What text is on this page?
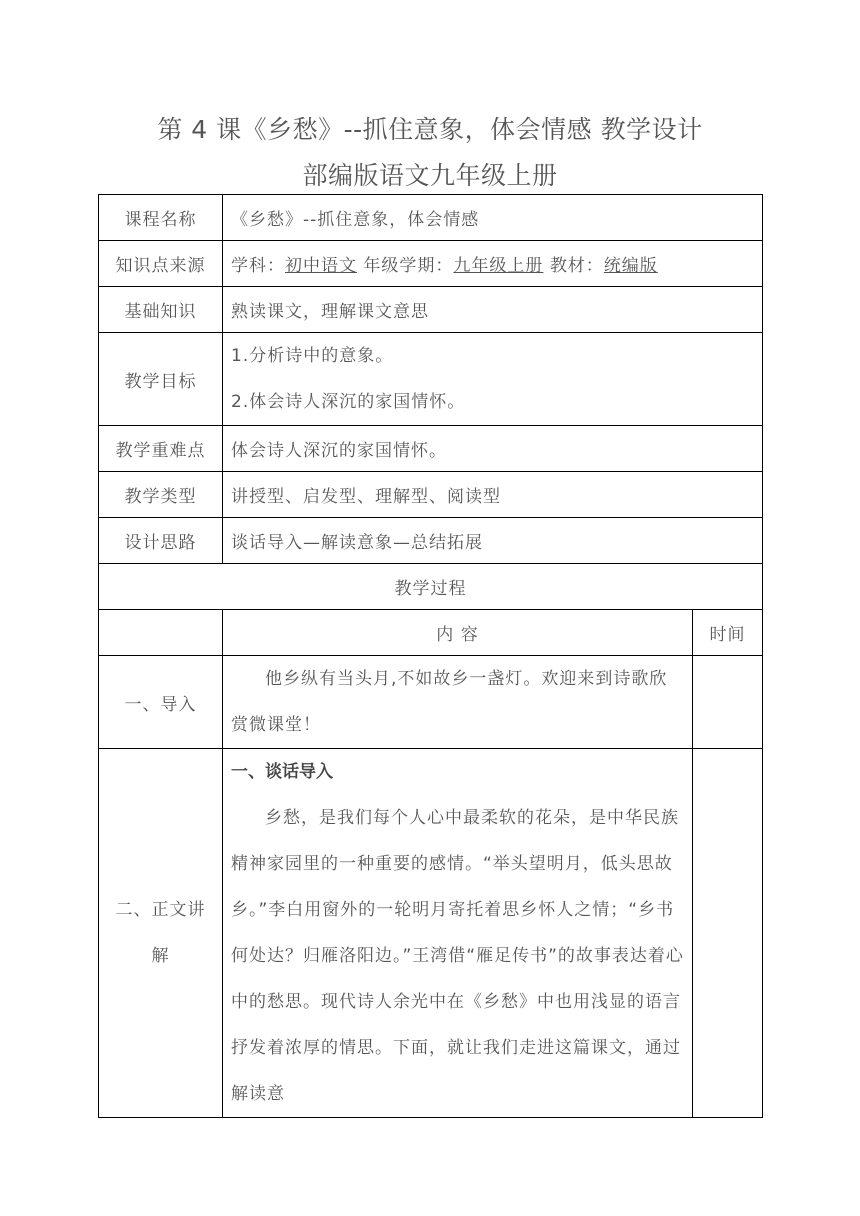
第 4 课《乡愁》--抓住意象，体会情感 教学设计
部编版语文九年级上册
课程名称	《乡愁》--抓住意象，体会情感	
知识点来源	学科：初中语文 年级学期：九年级上册 教材：统编版	
基础知识	熟读课文，理解课文意思	
教学目标	1.分析诗中的意象。
2.体会诗人深沉的家国情怀。	

教学重难点	体会诗人深沉的家国情怀。	
教学类型	讲授型、启发型、理解型、阅读型	
设计思路	谈话导入—解读意象—总结拓展	
教学过程		
	内 容	时间
一、导入	他乡纵有当头月,不如故乡一盏灯。欢迎来到诗歌欣赏微课堂！	

二、正文讲解	一、谈话导入
乡愁，是我们每个人心中最柔软的花朵，是中华民族精神家园里的一种重要的感情。“举头望明月，低头思故乡。”李白用窗外的一轮明月寄托着思乡怀人之情；“乡书何处达？归雁洛阳边。”王湾借“雁足传书”的故事表达着心中的愁思。现代诗人余光中在《乡愁》中也用浅显的语言抒发着浓厚的情思。下面，就让我们走进这篇课文，通过解读意	
